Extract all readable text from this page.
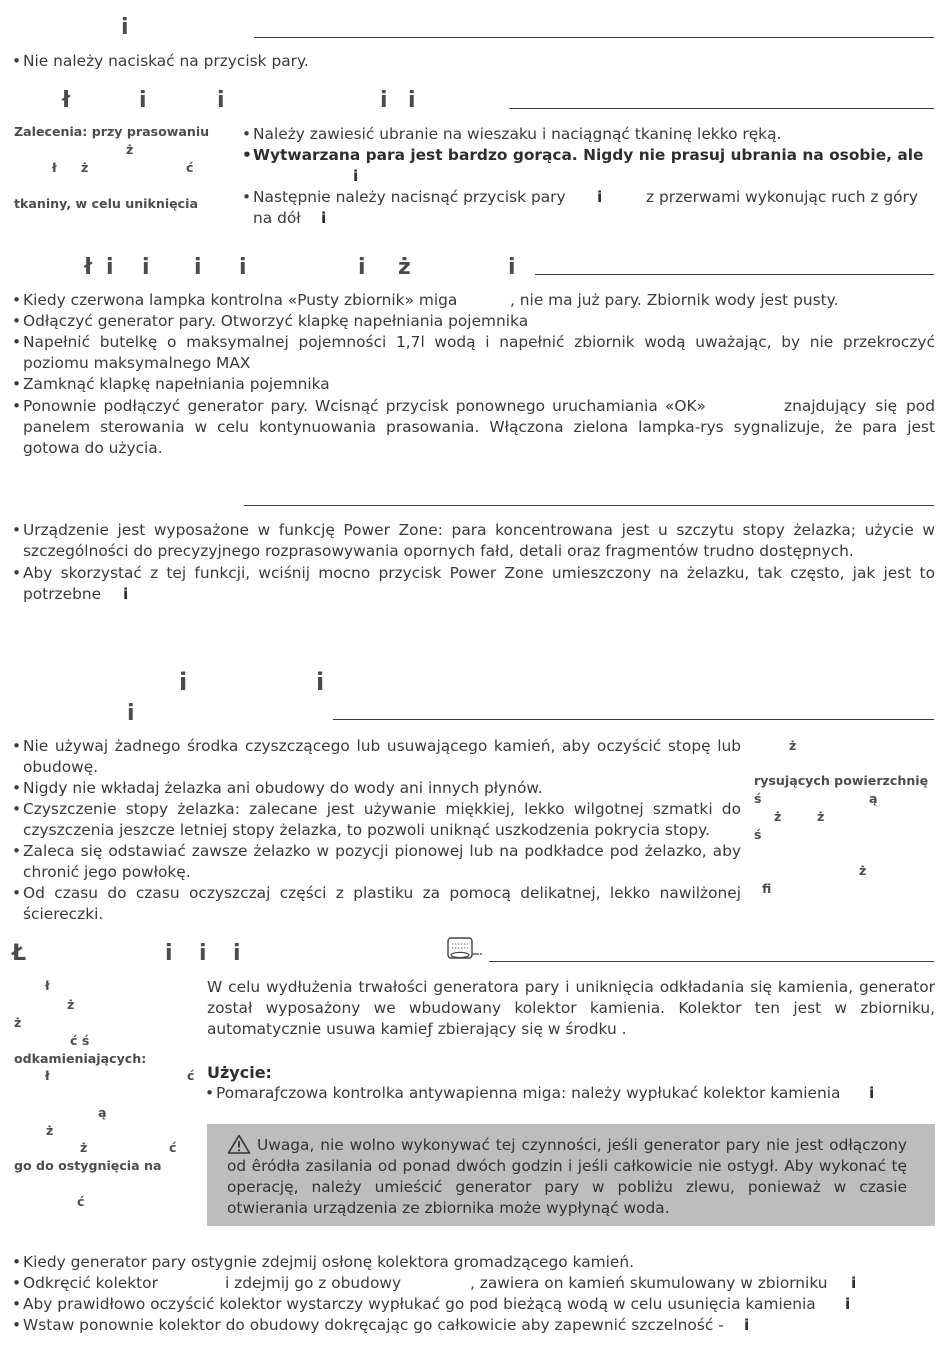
i
• Nie należy naciskać na przycisk pary.
ł	i	i	i i
Zalecenia: przy prasowaniu
ż
ł ż	ć
tkaniny, w celu uniknięcia
• Należy zawiesić ubranie na wieszaku i naciągnąć tkaninę lekko ręką.
• Wytwarzana para jest bardzo gorąca. Nigdy nie prasuj ubrania na osobie, ale
i
• Następnie należy nacisnąć przycisk pary	i	z przerwami wykonując ruch z góry
na dół i
ł i i i i	i ż	i
• Kiedy czerwona lampka kontrolna «Pusty zbiornik» miga	, nie ma już pary. Zbiornik wody jest pusty.
• Odłączyć generator pary. Otworzyć klapkę napełniania pojemnika
• Napełnić butelkę o maksymalnej pojemności 1,7l wodą i napełnić zbiornik wodą uważając, by nie przekroczyć poziomu maksymalnego MAX
• Zamknąć klapkę napełniania pojemnika
• Ponownie podłączyć generator pary. Wcisnąć przycisk ponownego uruchamiania «OK»	znajdujący się pod panelem sterowania w celu kontynuowania prasowania. Włączona zielona lampka-rys sygnalizuje, że para jest gotowa do użycia.
• Urządzenie jest wyposażone w funkcję Power Zone: para koncentrowana jest u szczytu stopy żelazka; użycie w szczególności do precyzyjnego rozprasowywania opornych fałd, detali oraz fragmentów trudno dostępnych.
• Aby skorzystać z tej funkcji, wciśnij mocno przycisk Power Zone umieszczony na żelazku, tak często, jak jest to potrzebne	i
i	i
i
• Nie używaj żadnego środka czyszczącego lub usuwającego kamień, aby oczyścić stopę lub obudowę.
• Nigdy nie wkładaj żelazka ani obudowy do wody ani innych płynów.
• Czyszczenie stopy żelazka: zalecane jest używanie miękkiej, lekko wilgotnej szmatki do czyszczenia jeszcze letniej stopy żelazka, to pozwoli uniknąć uszkodzenia pokrycia stopy.
• Zaleca się odstawiać zawsze żelazko w pozycji pionowej lub na podkładce pod żelazko, aby chronić jego powłokę.
• Od czasu do czasu oczyszczaj części z plastiku za pomocą delikatnej, lekko nawilżonej ściereczki.
ż
rysujących powierzchnię
ś	ą
ż	ż
ś
ż
fi
Ł	i i i
ł
ż
ż
ć ś
odkamieniających:
ł	ć
ą
ż
ż	ć
go do ostygnięcia na
ć
W celu wydłużenia trwałości generatora pary i uniknięcia odkładania się kamienia, generator został wyposażony we wbudowany kolektor kamienia. Kolektor ten jest w zbiorniku, automatycznie usuwa kamieƒ zbierający się w środku .
Użycie:
• Pomaraƒczowa kontrolka antywapienna miga: należy wypłukać kolektor kamienia i
Uwaga, nie wolno wykonywać tej czynności, jeśli generator pary nie jest odłączony od êródła zasilania od ponad dwóch godzin i jeśli całkowicie nie ostygł. Aby wykonać tę operację, należy umieścić generator pary w pobliżu zlewu, ponieważ w czasie otwierania urządzenia ze zbiornika może wypłynąć woda.
• Kiedy generator pary ostygnie zdejmij osłonę kolektora gromadzącego kamień.
• Odkręcić kolektor	i zdejmij go z obudowy	, zawiera on kamień skumulowany w zbiorniku i
• Aby prawidłowo oczyścić kolektor wystarczy wypłukać go pod bieżącą wodą w celu usunięcia kamienia i
• Wstaw ponownie kolektor do obudowy dokręcając go całkowicie aby zapewnić szczelność - i
